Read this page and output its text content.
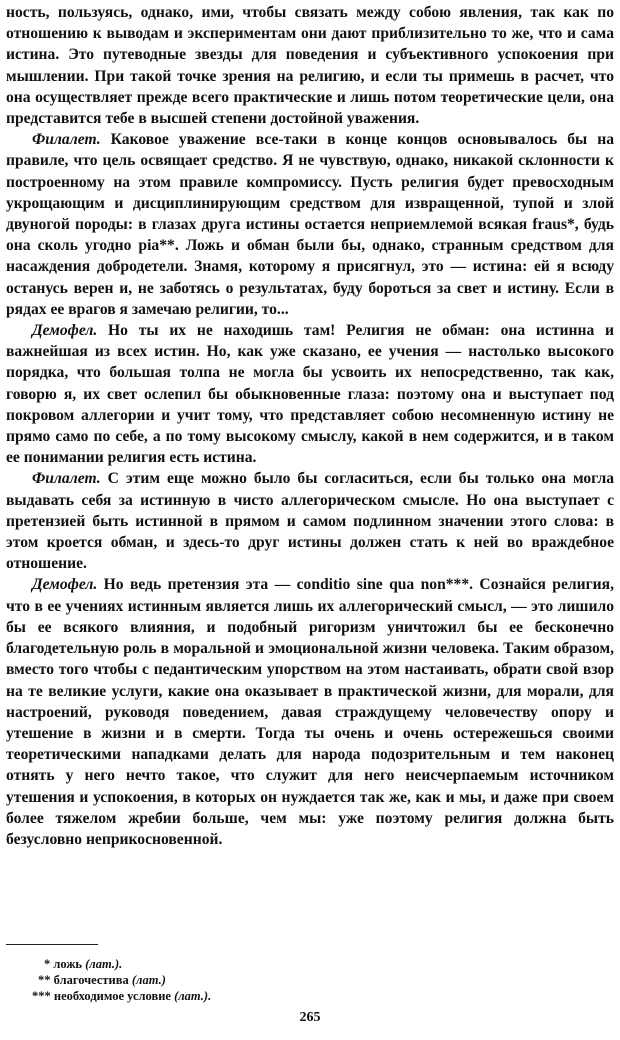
ность, пользуясь, однако, ими, чтобы связать между собою явления, так как по отношению к выводам и экспериментам они дают приблизительно то же, что и сама истина. Это путеводные звезды для поведения и субъективного успокоения при мышлении. При такой точке зрения на религию, и если ты примешь в расчет, что она осуществляет прежде всего практические и лишь потом теоретические цели, она представится тебе в высшей степени достойной уважения.

Филалет. Каковое уважение все-таки в конце концов основывалось бы на правиле, что цель освящает средство. Я не чувствую, однако, никакой склонности к построенному на этом правиле компромиссу. Пусть религия будет превосходным укрощающим и дисциплинирующим средством для извращенной, тупой и злой двуногой породы: в глазах друга истины остается неприемлемой всякая fraus*, будь она сколь угодно pia**. Ложь и обман были бы, однако, странным средством для насаждения добродетели. Знамя, которому я присягнул, это — истина: ей я всюду останусь верен и, не заботясь о результатах, буду бороться за свет и истину. Если в рядах ее врагов я замечаю религии, то...

Демофел. Но ты их не находишь там! Религия не обман: она истинна и важнейшая из всех истин. Но, как уже сказано, ее учения — настолько высокого порядка, что большая толпа не могла бы усвоить их непосредственно, так как, говорю я, их свет ослепил бы обыкновенные глаза: поэтому она и выступает под покровом аллегории и учит тому, что представляет собою несомненную истину не прямо само по себе, а по тому высокому смыслу, какой в нем содержится, и в таком ее понимании религия есть истина.

Филалет. С этим еще можно было бы согласиться, если бы только она могла выдавать себя за истинную в чисто аллегорическом смысле. Но она выступает с претензией быть истинной в прямом и самом подлинном значении этого слова: в этом кроется обман, и здесь-то друг истины должен стать к ней во враждебное отношение.

Демофел. Но ведь претензия эта — conditio sine qua non***. Сознайся религия, что в ее учениях истинным является лишь их аллегорический смысл, — это лишило бы ее всякого влияния, и подобный ригоризм уничтожил бы ее бесконечно благодетельную роль в моральной и эмоциональной жизни человека. Таким образом, вместо того чтобы с педантическим упорством на этом настаивать, обрати свой взор на те великие услуги, какие она оказывает в практической жизни, для морали, для настроений, руководя поведением, давая страждущему человечеству опору и утешение в жизни и в смерти. Тогда ты очень и очень остережешься своими теоретическими нападками делать для народа подозрительным и тем наконец отнять у него нечто такое, что служит для него неисчерпаемым источником утешения и успокоения, в которых он нуждается так же, как и мы, и даже при своем более тяжелом жребии больше, чем мы: уже поэтому религия должна быть безусловно неприкосновенной.

* ложь (лат.).
** благочестива (лат.)
*** необходимое условие (лат.).
265
